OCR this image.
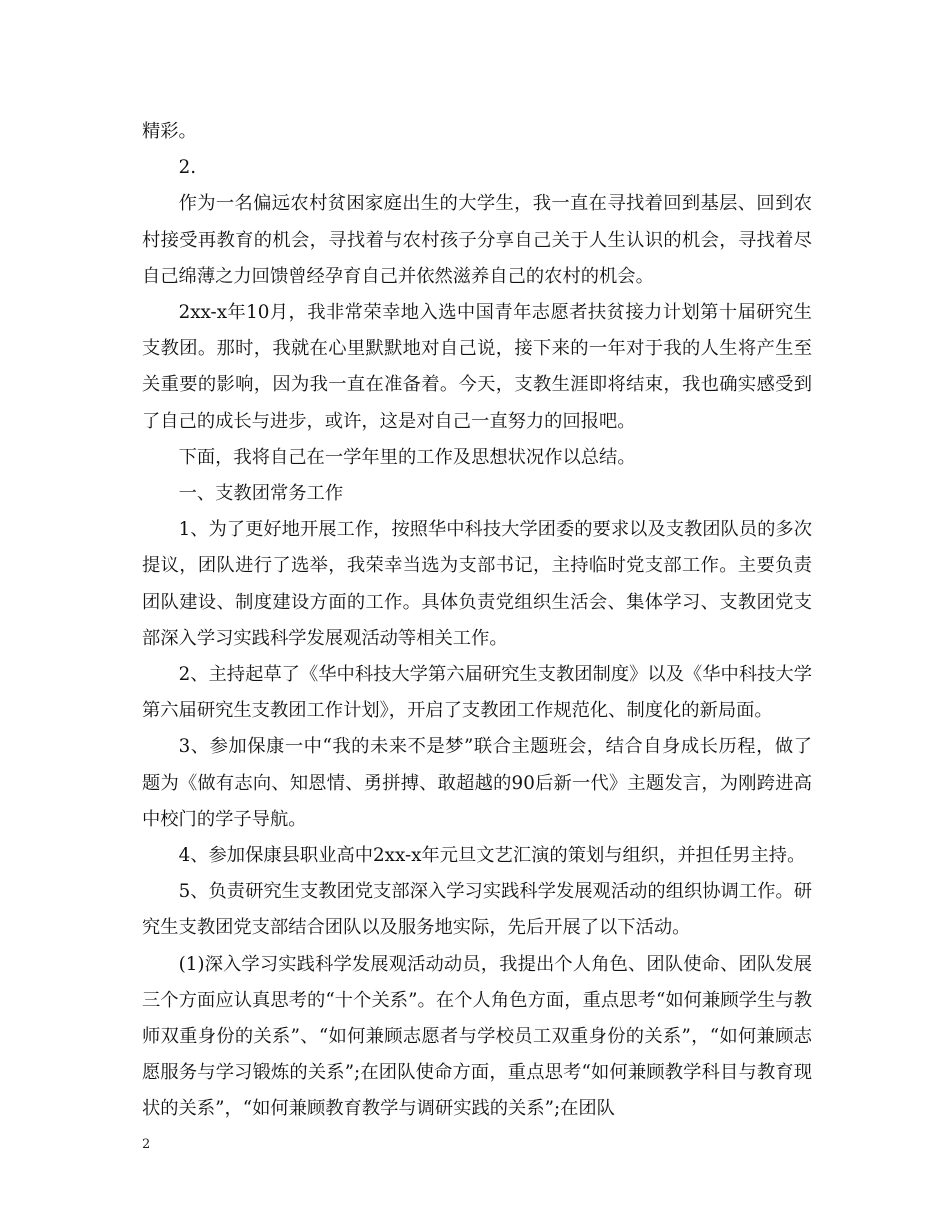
精彩。

2.

作为一名偏远农村贫困家庭出生的大学生，我一直在寻找着回到基层、回到农村接受再教育的机会，寻找着与农村孩子分享自己关于人生认识的机会，寻找着尽自己绵薄之力回馈曾经孕育自己并依然滋养自己的农村的机会。

2xx-x年10月，我非常荣幸地入选中国青年志愿者扶贫接力计划第十届研究生支教团。那时，我就在心里默默地对自己说，接下来的一年对于我的人生将产生至关重要的影响，因为我一直在准备着。今天，支教生涯即将结束，我也确实感受到了自己的成长与进步，或许，这是对自己一直努力的回报吧。

下面，我将自己在一学年里的工作及思想状况作以总结。

一、支教团常务工作

1、为了更好地开展工作，按照华中科技大学团委的要求以及支教团队员的多次提议，团队进行了选举，我荣幸当选为支部书记，主持临时党支部工作。主要负责团队建设、制度建设方面的工作。具体负责党组织生活会、集体学习、支教团党支部深入学习实践科学发展观活动等相关工作。

2、主持起草了《华中科技大学第六届研究生支教团制度》以及《华中科技大学第六届研究生支教团工作计划》，开启了支教团工作规范化、制度化的新局面。

3、参加保康一中“我的未来不是梦”联合主题班会，结合自身成长历程，做了题为《做有志向、知恩情、勇拼搏、敢超越的90后新一代》主题发言，为刚跨进高中校门的学子导航。

4、参加保康县职业高中2xx-x年元旦文艺汇演的策划与组织，并担任男主持。

5、负责研究生支教团党支部深入学习实践科学发展观活动的组织协调工作。研究生支教团党支部结合团队以及服务地实际，先后开展了以下活动。

(1)深入学习实践科学发展观活动动员，我提出个人角色、团队使命、团队发展三个方面应认真思考的“十个关系”。在个人角色方面，重点思考“如何兼顾学生与教师双重身份的关系”、“如何兼顾志愿者与学校员工双重身份的关系”，“如何兼顾志愿服务与学习锻炼的关系”;在团队使命方面，重点思考“如何兼顾教学科目与教育现状的关系”，“如何兼顾教育教学与调研实践的关系”;在团队

2
